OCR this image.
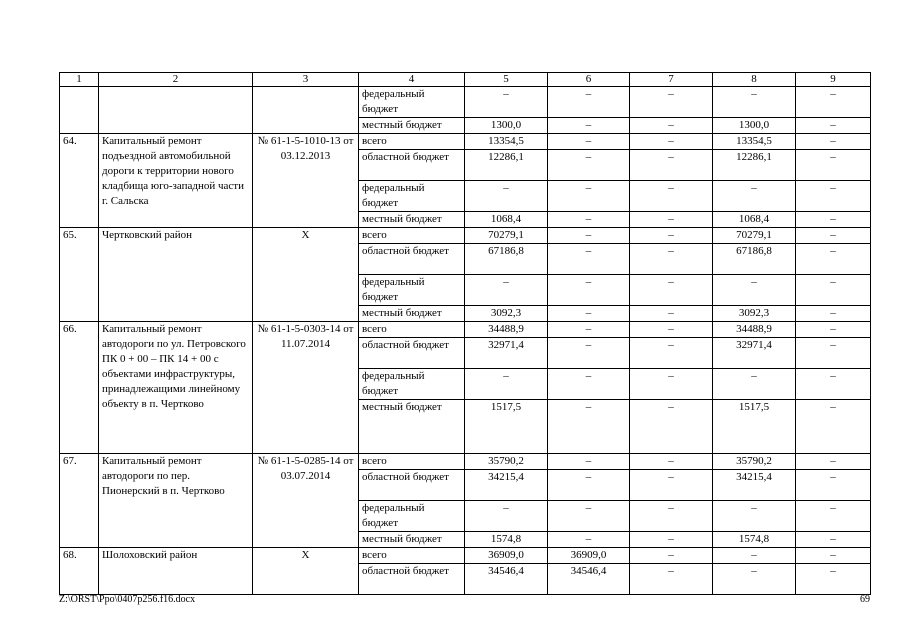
1	2	3	4	5	6	7	8	9
			федеральный бюджет	–	–	–	–	–
			местный бюджет	1300,0	–	–	1300,0	–
64.	Капитальный ремонт подъездной автомобильной дороги к территории нового кладбища юго-западной части г. Сальска	№ 61-1-5-1010-13 от 03.12.2013	всего	13354,5	–	–	13354,5	–
			областной бюджет	12286,1	–	–	12286,1	–
			федеральный бюджет	–	–	–	–	–
			местный бюджет	1068,4	–	–	1068,4	–
65.	Чертковский район	Х	всего	70279,1	–	–	70279,1	–
			областной бюджет	67186,8	–	–	67186,8	–
			федеральный бюджет	–	–	–	–	–
			местный бюджет	3092,3	–	–	3092,3	–
66.	Капитальный ремонт автодороги по ул. Петровского ПК 0 + 00 – ПК 14 + 00 с объектами инфраструктуры, принадлежащими линейному объекту в п. Чертково	№ 61-1-5-0303-14 от 11.07.2014	всего	34488,9	–	–	34488,9	–
			областной бюджет	32971,4	–	–	32971,4	–
			федеральный бюджет	–	–	–	–	–
			местный бюджет	1517,5	–	–	1517,5	–
67.	Капитальный ремонт автодороги по пер. Пионерский в п. Чертково	№ 61-1-5-0285-14 от 03.07.2014	всего	35790,2	–	–	35790,2	–
			областной бюджет	34215,4	–	–	34215,4	–
			федеральный бюджет	–	–	–	–	–
			местный бюджет	1574,8	–	–	1574,8	–
68.	Шолоховский район	Х	всего	36909,0	36909,0	–	–	–
			областной бюджет	34546,4	34546,4	–	–	–
Z:\ORST\Ppo\0407p256.f16.docx	69
